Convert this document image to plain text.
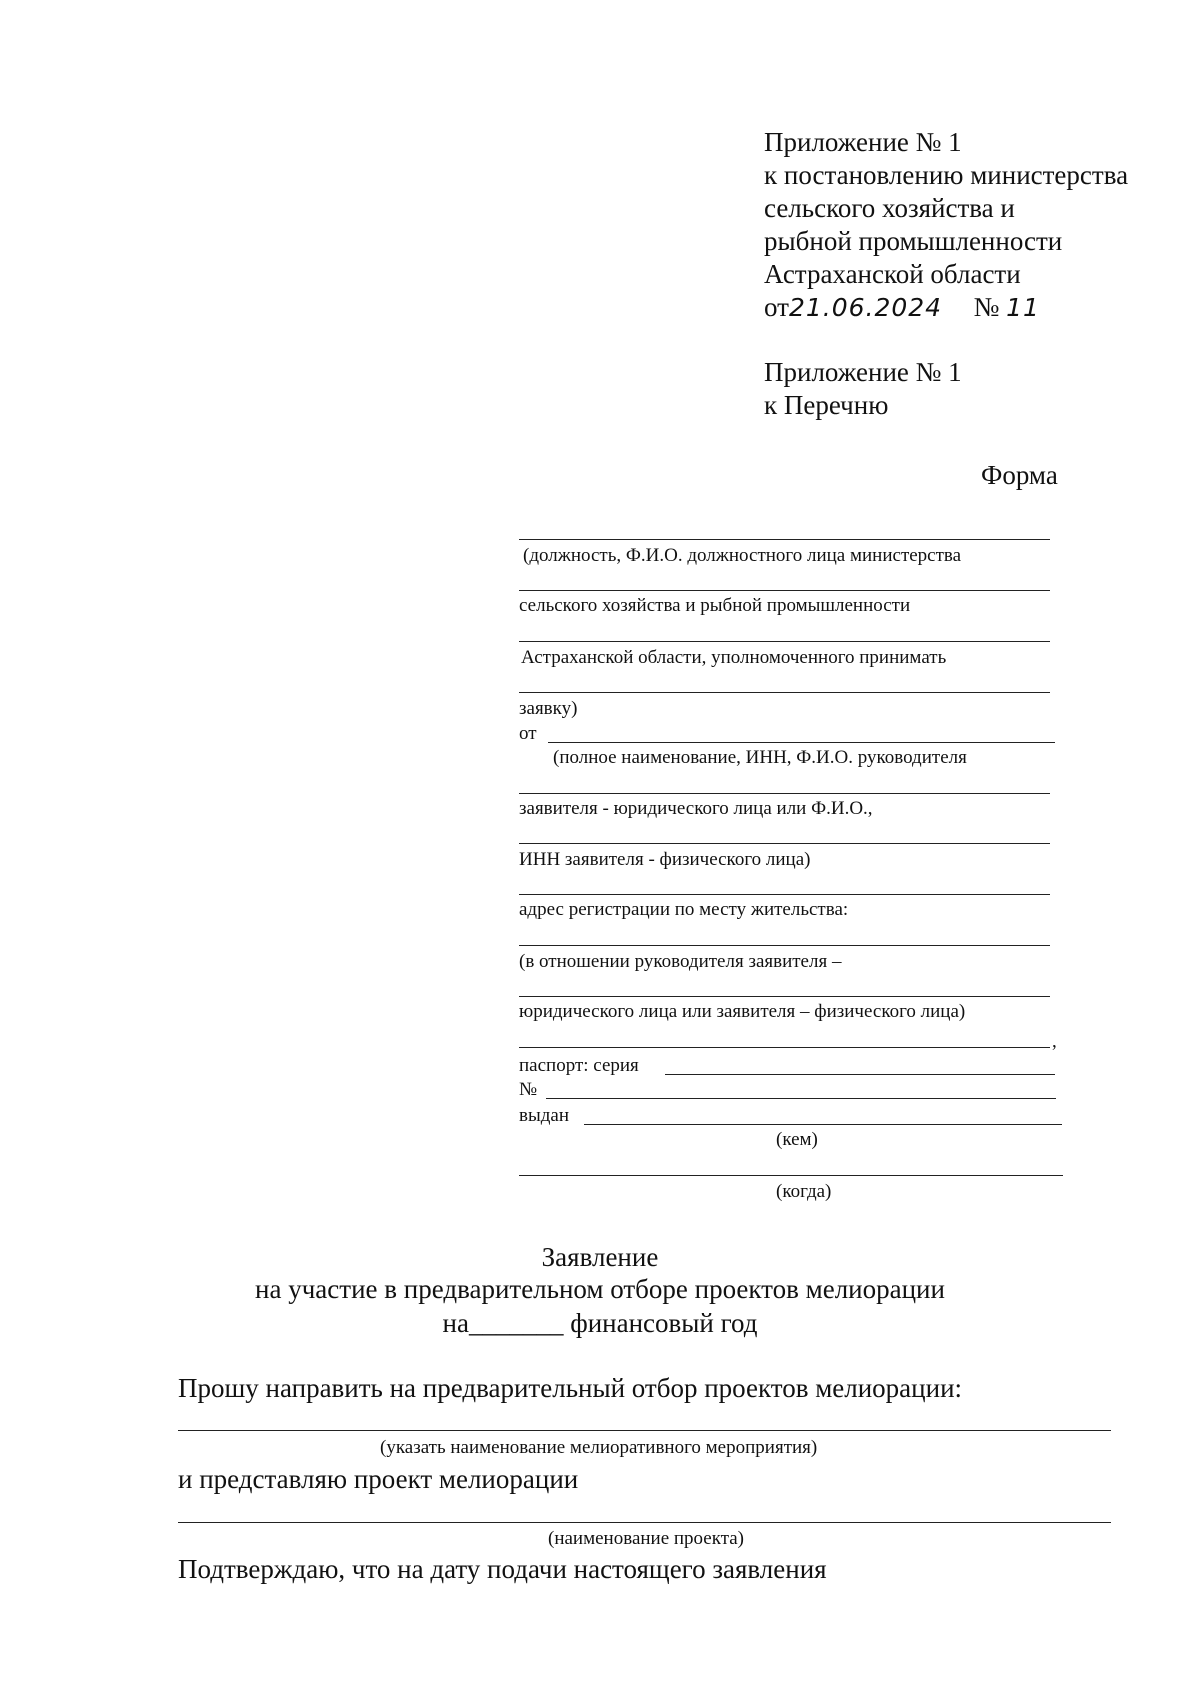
Приложение № 1
к постановлению министерства
сельского хозяйства и
рыбной промышленности
Астраханской области
от21.06.2024 № 11
Приложение № 1
к Перечню
Форма
(должность, Ф.И.О. должностного лица министерства
сельского хозяйства и рыбной промышленности
Астраханской области, уполномоченного принимать
заявку)
от
(полное наименование, ИНН, Ф.И.О. руководителя
заявителя - юридического лица или Ф.И.О.,
ИНН заявителя - физического лица)
адрес регистрации по месту жительства:
(в отношении руководителя заявителя –
юридического лица или заявителя – физического лица)
,
паспорт: серия
№
выдан
(кем)
(когда)
Заявление
на участие в предварительном отборе проектов мелиорации
на_______ финансовый год
Прошу направить на предварительный отбор проектов мелиорации:
(указать наименование мелиоративного мероприятия)
и представляю проект мелиорации
(наименование проекта)
Подтверждаю, что на дату подачи настоящего заявления
